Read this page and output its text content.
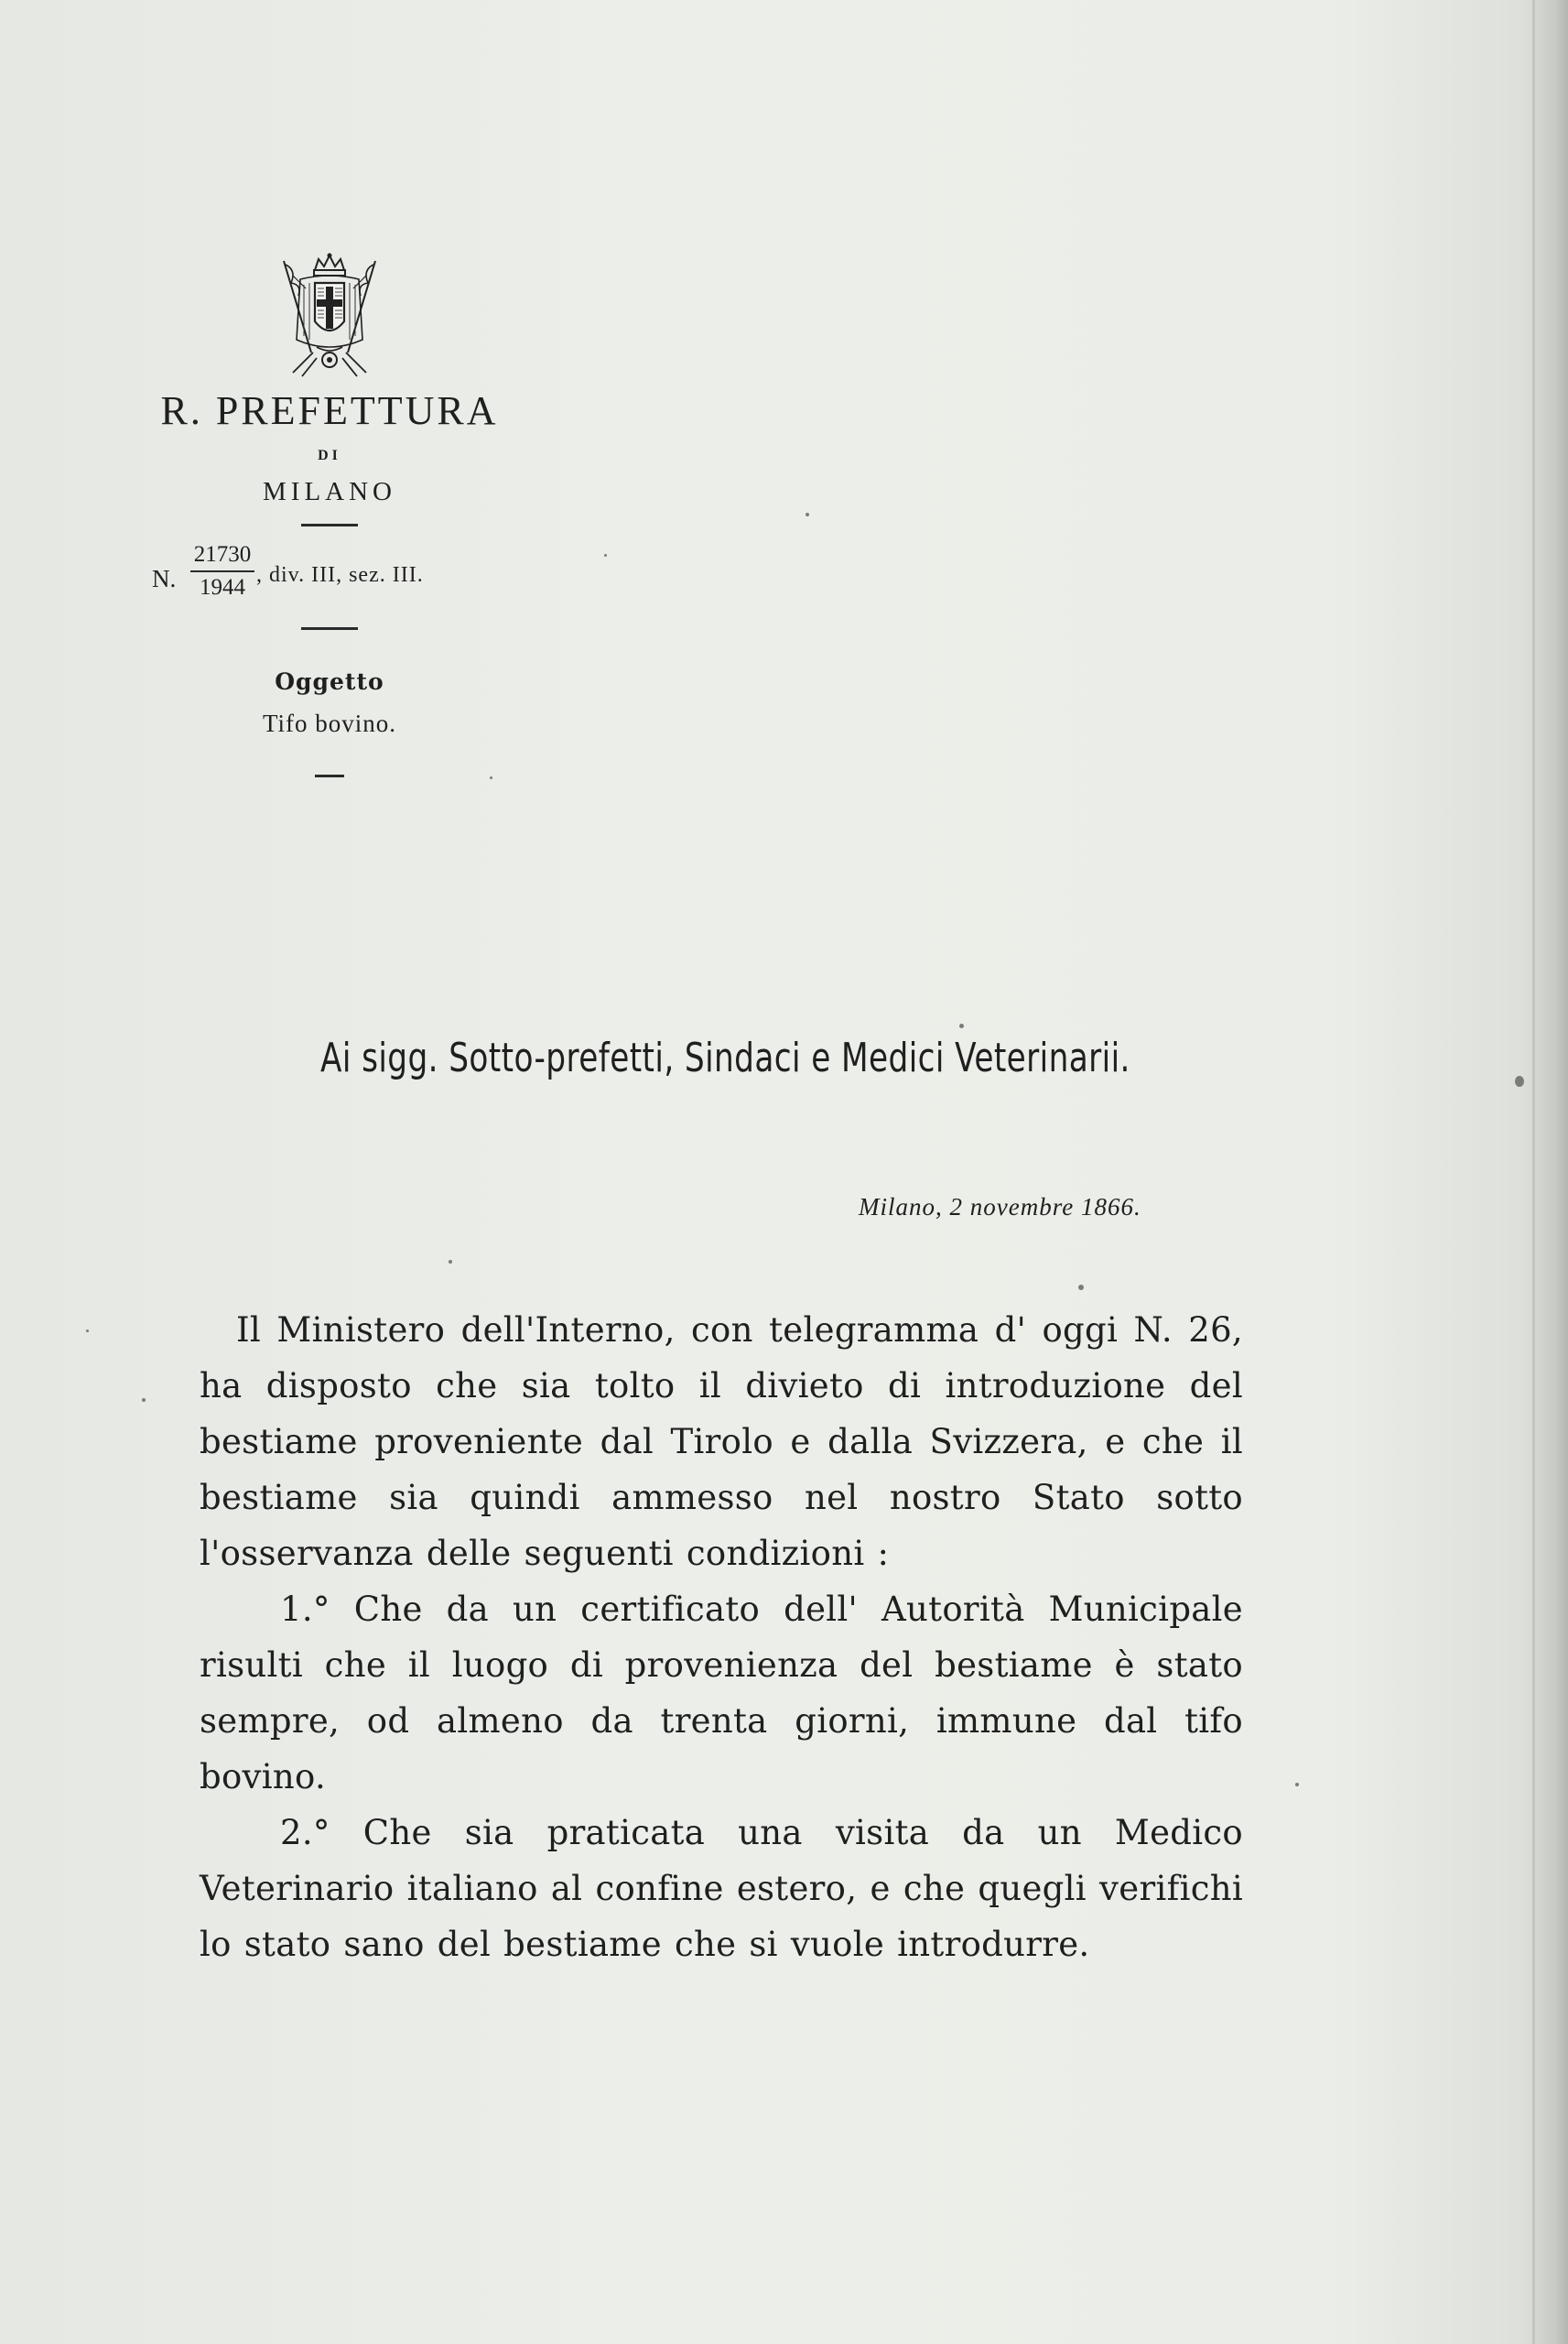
R. PREFETTURA
DI
MILANO
N.
21730
1944 , div. III, sez. III.
Oggetto
Tifo bovino.
Ai sigg. Sotto-prefetti, Sindaci e Medici Veterinarii.
Milano, 2 novembre 1866.

Il Ministero dell'Interno, con telegramma d' oggi N. 26, ha disposto che sia tolto il divieto di introduzione del bestiame proveniente dal Tirolo e dalla Svizzera, e che il bestiame sia quindi ammesso nel nostro Stato sotto l'osservanza delle seguenti condizioni :

1.° Che da un certificato dell' Autorità Municipale risulti che il luogo di provenienza del bestiame è stato sempre, od almeno da trenta giorni, immune dal tifo bovino.

2.° Che sia praticata una visita da un Medico Veterinario italiano al confine estero, e che quegli verifichi lo stato sano del bestiame che si vuole introdurre.
